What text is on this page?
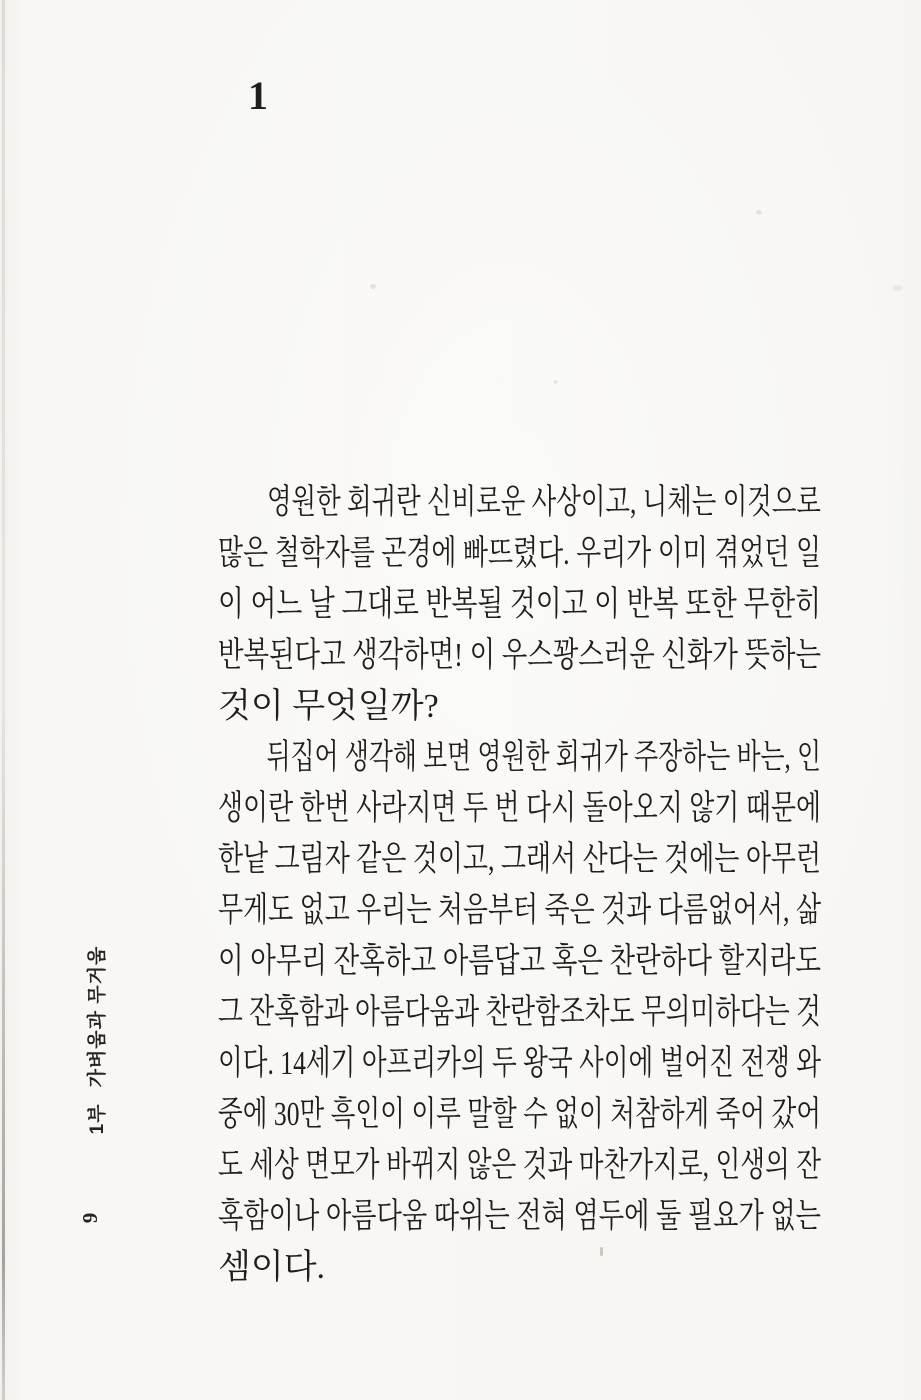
1
영원한 회귀란 신비로운 사상이고, 니체는 이것으로
많은 철학자를 곤경에 빠뜨렸다. 우리가 이미 겪었던 일
이 어느 날 그대로 반복될 것이고 이 반복 또한 무한히
반복된다고 생각하면! 이 우스꽝스러운 신화가 뜻하는
것이 무엇일까?
뒤집어 생각해 보면 영원한 회귀가 주장하는 바는, 인
생이란 한번 사라지면 두 번 다시 돌아오지 않기 때문에
한낱 그림자 같은 것이고, 그래서 산다는 것에는 아무런
무게도 없고 우리는 처음부터 죽은 것과 다름없어서, 삶
이 아무리 잔혹하고 아름답고 혹은 찬란하다 할지라도
그 잔혹함과 아름다움과 찬란함조차도 무의미하다는 것
이다. 14세기 아프리카의 두 왕국 사이에 벌어진 전쟁 와
중에 30만 흑인이 이루 말할 수 없이 처참하게 죽어 갔어
도 세상 면모가 바뀌지 않은 것과 마찬가지로, 인생의 잔
혹함이나 아름다움 따위는 전혀 염두에 둘 필요가 없는
셈이다.
1부
가벼움과 무거움
9
